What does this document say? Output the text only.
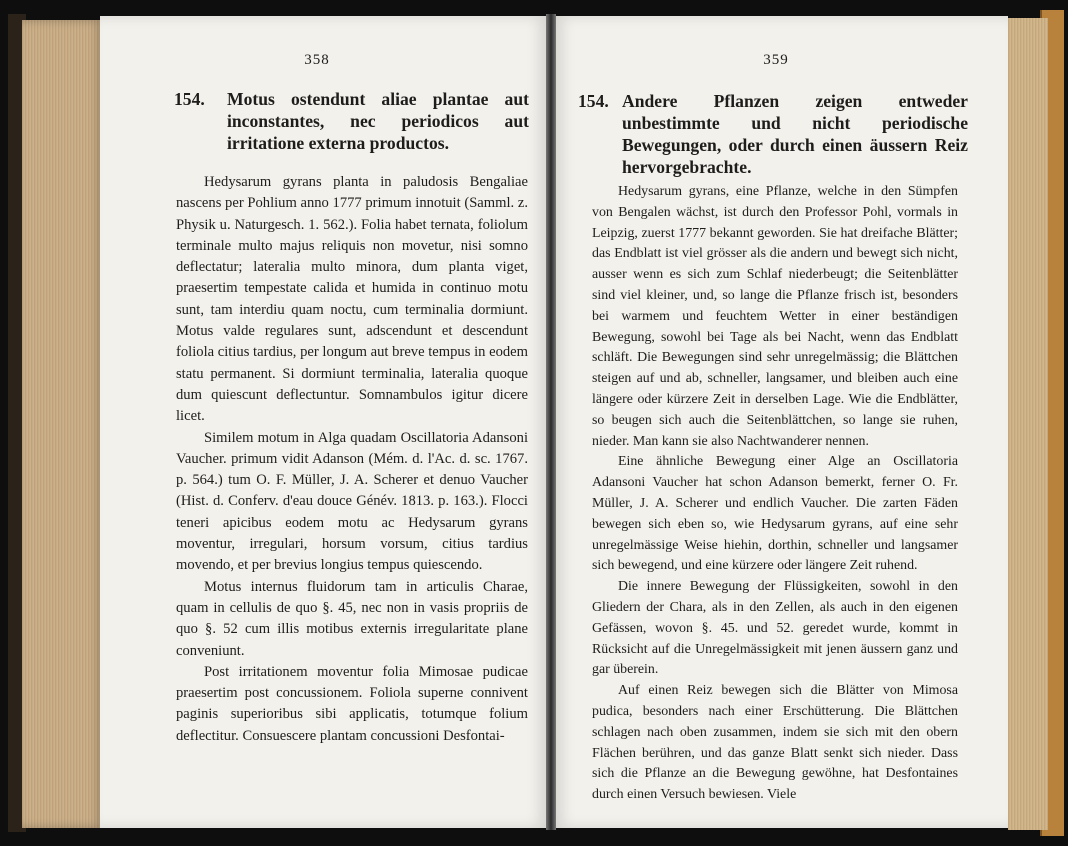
358
154. Motus ostendunt aliae plantae aut inconstantes, nec periodicos aut irritatione externa productos.

Hedysarum gyrans planta in paludosis Bengaliae nascens per Pohlium anno 1777 primum innotuit (Samml. z. Physik u. Naturgesch. 1. 562.). Folia habet ternata, foliolum terminale multo majus reliquis non movetur, nisi somno deflectatur; lateralia multo minora, dum planta viget, praesertim tempestate calida et humida in continuo motu sunt, tam interdiu quam noctu, cum terminalia dormiunt. Motus valde regulares sunt, adscendunt et descendunt foliola citius tardius, per longum aut breve tempus in eodem statu permanent. Si dormiunt terminalia, lateralia quoque dum quiescunt deflectuntur. Somnambulos igitur dicere licet.

Similem motum in Alga quadam Oscillatoria Adansoni Vaucher. primum vidit Adanson (Mém. d. l'Ac. d. sc. 1767. p. 564.) tum O. F. Müller, J. A. Scherer et denuo Vaucher (Hist. d. Conferv. d'eau douce Génév. 1813. p. 163.). Flocci teneri apicibus eodem motu ac Hedysarum gyrans moventur, irregulari, horsum vorsum, citius tardius movendo, et per brevius longius tempus quiescendo.

Motus internus fluidorum tam in articulis Charae, quam in cellulis de quo §. 45, nec non in vasis propriis de quo §. 52 cum illis motibus externis irregularitate plane conveniunt.

Post irritationem moventur folia Mimosae pudicae praesertim post concussionem. Foliola superne connivent paginis superioribus sibi applicatis, totumque folium deflectitur. Consuescere plantam concussioni Desfontai-

359
154. Andere Pflanzen zeigen entweder unbestimmte und nicht periodische Bewegungen, oder durch einen äussern Reiz hervorgebrachte.

Hedysarum gyrans, eine Pflanze, welche in den Sümpfen von Bengalen wächst, ist durch den Professor Pohl, vormals in Leipzig, zuerst 1777 bekannt geworden. Sie hat dreifache Blätter; das Endblatt ist viel grösser als die andern und bewegt sich nicht, ausser wenn es sich zum Schlaf niederbeugt; die Seitenblätter sind viel kleiner, und, so lange die Pflanze frisch ist, besonders bei warmem und feuchtem Wetter in einer beständigen Bewegung, sowohl bei Tage als bei Nacht, wenn das Endblatt schläft. Die Bewegungen sind sehr unregelmässig; die Blättchen steigen auf und ab, schneller, langsamer, und bleiben auch eine längere oder kürzere Zeit in derselben Lage. Wie die Endblätter, so beugen sich auch die Seitenblättchen, so lange sie ruhen, nieder. Man kann sie also Nachtwanderer nennen.

Eine ähnliche Bewegung einer Alge an Oscillatoria Adansoni Vaucher hat schon Adanson bemerkt, ferner O. Fr. Müller, J. A. Scherer und endlich Vaucher. Die zarten Fäden bewegen sich eben so, wie Hedysarum gyrans, auf eine sehr unregelmässige Weise hiehin, dorthin, schneller und langsamer sich bewegend, und eine kürzere oder längere Zeit ruhend.

Die innere Bewegung der Flüssigkeiten, sowohl in den Gliedern der Chara, als in den Zellen, als auch in den eigenen Gefässen, wovon §. 45. und 52. geredet wurde, kommt in Rücksicht auf die Unregelmässigkeit mit jenen äussern ganz und gar überein.

Auf einen Reiz bewegen sich die Blätter von Mimosa pudica, besonders nach einer Erschütterung. Die Blättchen schlagen nach oben zusammen, indem sie sich mit den obern Flächen berühren, und das ganze Blatt senkt sich nieder. Dass sich die Pflanze an die Bewegung gewöhne, hat Desfontaines durch einen Versuch bewiesen. Viele
